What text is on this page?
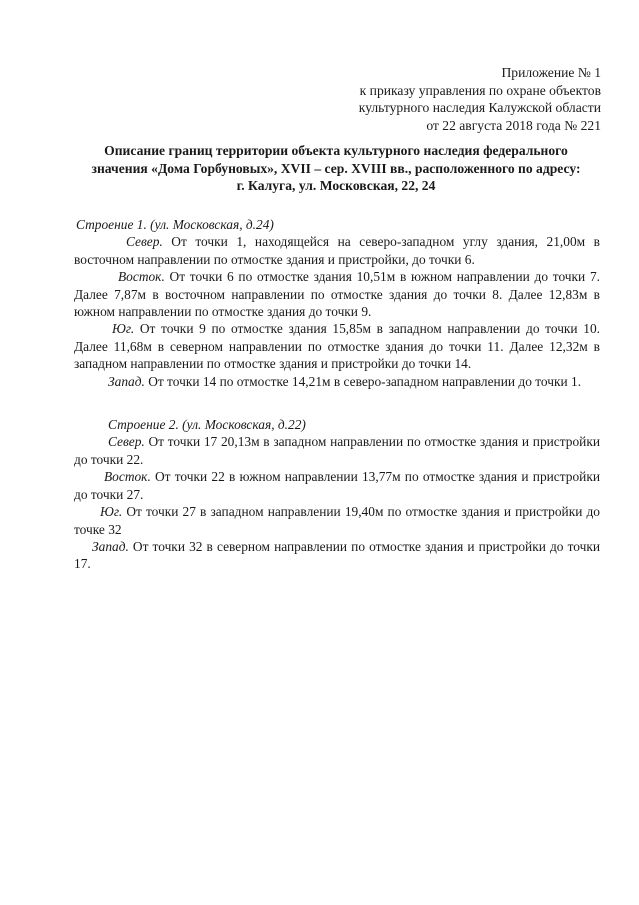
Приложение № 1
к приказу управления по охране объектов
культурного наследия Калужской области
от 22 августа 2018 года № 221
Описание границ территории объекта культурного наследия федерального
значения «Дома Горбуновых», XVII – сер. XVIII вв., расположенного по адресу:
г. Калуга, ул. Московская, 22, 24
Строение 1. (ул. Московская, д.24)

Север. От точки 1, находящейся на северо-западном углу здания, 21,00м в восточном направлении по отмостке здания и пристройки, до точки 6.

Восток. От точки 6 по отмостке здания 10,51м в южном направлении до точки 7. Далее 7,87м в восточном направлении по отмостке здания до точки 8. Далее 12,83м в южном направлении по отмостке здания до точки 9.

Юг. От точки 9 по отмостке здания 15,85м в западном направлении до точки 10. Далее 11,68м в северном направлении по отмостке здания до точки 11. Далее 12,32м в западном направлении по отмостке здания и пристройки до точки 14.

Запад. От точки 14 по отмостке 14,21м в северо-западном направлении до точки 1.

Строение 2. (ул. Московская, д.22)

Север. От точки 17 20,13м в западном направлении по отмостке здания и пристройки до точки 22.

Восток. От точки 22 в южном направлении 13,77м по отмостке здания и пристройки до точки 27.

Юг. От точки 27 в западном направлении 19,40м по отмостке здания и пристройки до точке 32

Запад. От точки 32 в северном направлении по отмостке здания и пристройки до точки 17.
